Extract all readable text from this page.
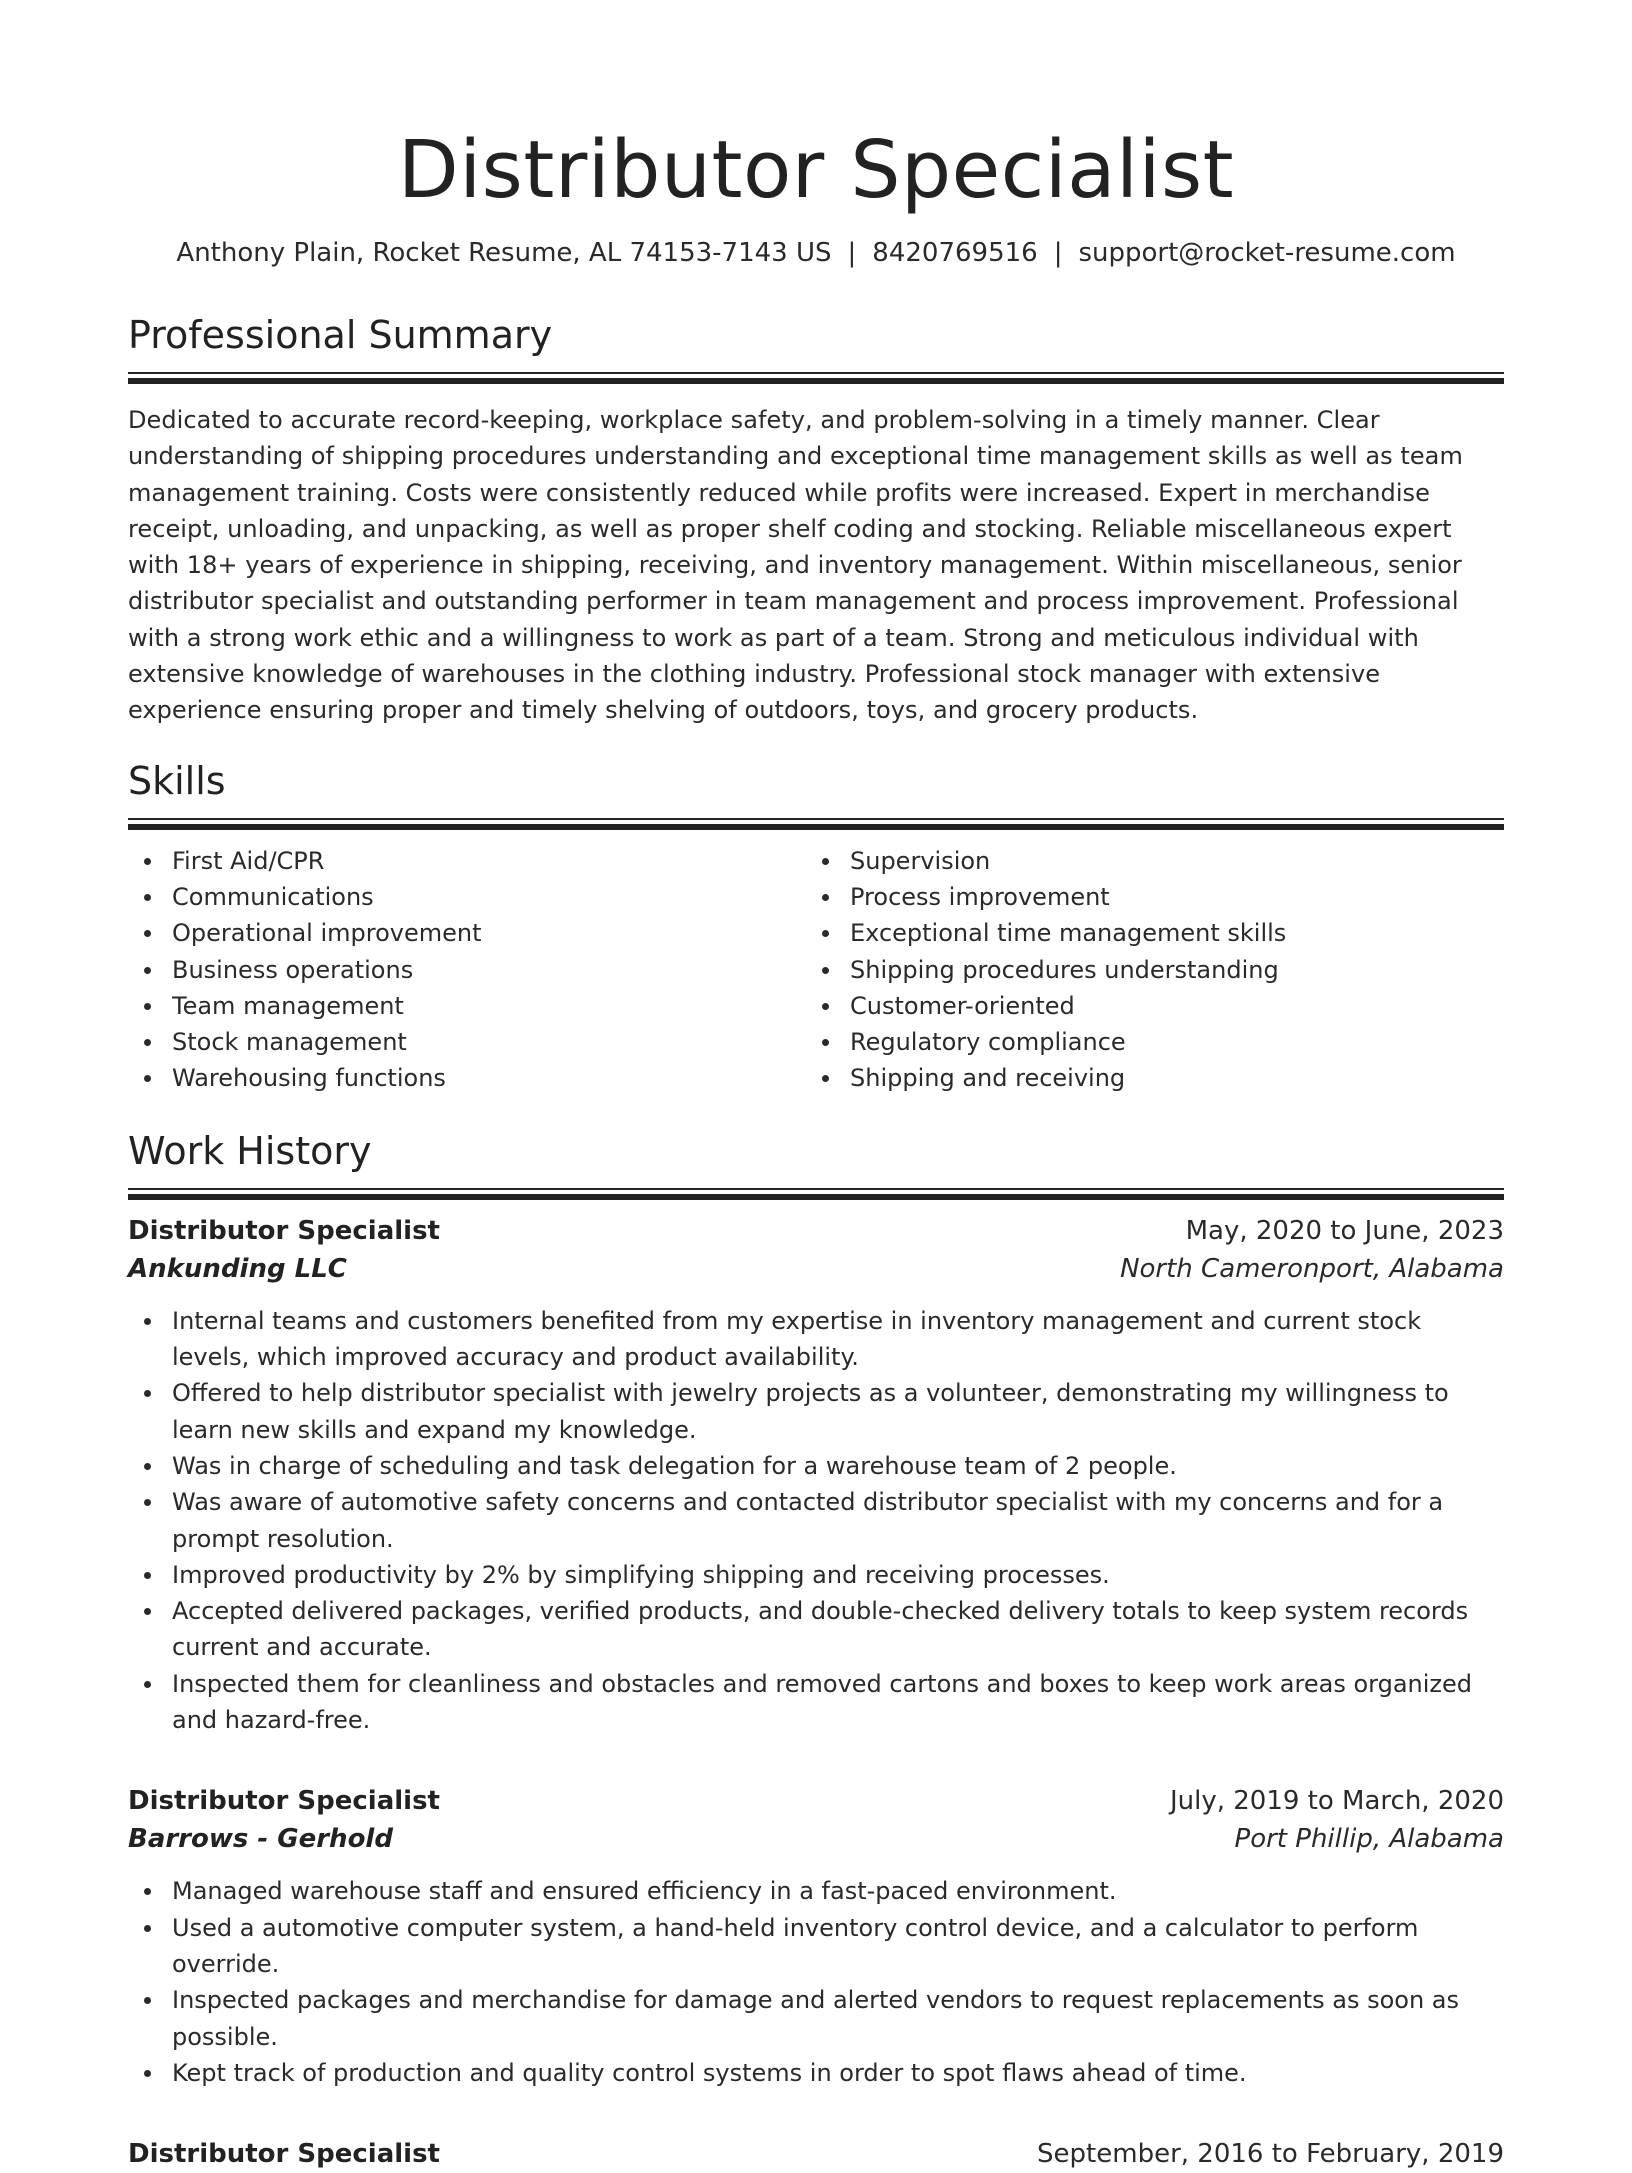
Distributor Specialist
Anthony Plain, Rocket Resume, AL 74153-7143 US | 8420769516 | support@rocket-resume.com
Professional Summary

Dedicated to accurate record-keeping, workplace safety, and problem-solving in a timely manner. Clear understanding of shipping procedures understanding and exceptional time management skills as well as team management training. Costs were consistently reduced while profits were increased. Expert in merchandise receipt, unloading, and unpacking, as well as proper shelf coding and stocking. Reliable miscellaneous expert with 18+ years of experience in shipping, receiving, and inventory management. Within miscellaneous, senior distributor specialist and outstanding performer in team management and process improvement. Professional with a strong work ethic and a willingness to work as part of a team. Strong and meticulous individual with extensive knowledge of warehouses in the clothing industry. Professional stock manager with extensive experience ensuring proper and timely shelving of outdoors, toys, and grocery products.

Skills
First Aid/CPR
Communications
Operational improvement
Business operations
Team management
Stock management
Warehousing functions
Supervision
Process improvement
Exceptional time management skills
Shipping procedures understanding
Customer-oriented
Regulatory compliance
Shipping and receiving
Work History
Distributor Specialist	May, 2020 to June, 2023
Ankunding LLC	North Cameronport, Alabama
Internal teams and customers benefited from my expertise in inventory management and current stock levels, which improved accuracy and product availability.
Offered to help distributor specialist with jewelry projects as a volunteer, demonstrating my willingness to learn new skills and expand my knowledge.
Was in charge of scheduling and task delegation for a warehouse team of 2 people.
Was aware of automotive safety concerns and contacted distributor specialist with my concerns and for a prompt resolution.
Improved productivity by 2% by simplifying shipping and receiving processes.
Accepted delivered packages, verified products, and double-checked delivery totals to keep system records current and accurate.
Inspected them for cleanliness and obstacles and removed cartons and boxes to keep work areas organized and hazard-free.
Distributor Specialist	July, 2019 to March, 2020
Barrows - Gerhold	Port Phillip, Alabama
Managed warehouse staff and ensured efficiency in a fast-paced environment.
Used a automotive computer system, a hand-held inventory control device, and a calculator to perform override.
Inspected packages and merchandise for damage and alerted vendors to request replacements as soon as possible.
Kept track of production and quality control systems in order to spot flaws ahead of time.
Distributor Specialist	September, 2016 to February, 2019
